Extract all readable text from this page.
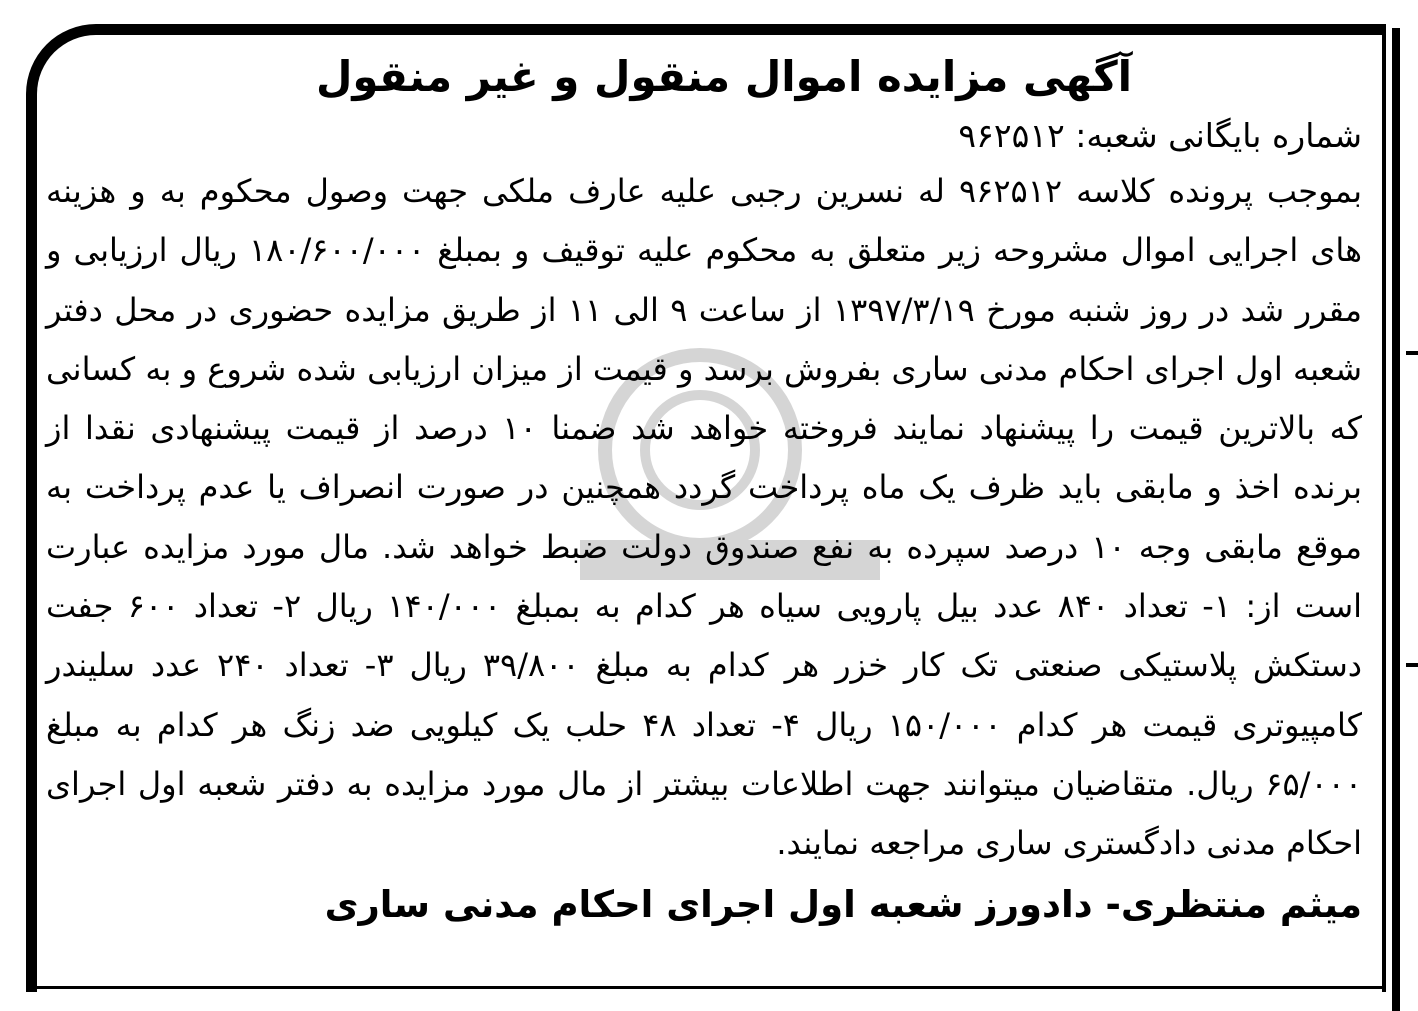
آگهی مزایده اموال منقول و غیر منقول
شماره بایگانی شعبه: ۹۶۲۵۱۲

بموجب پرونده کلاسه ۹۶۲۵۱۲ له نسرین رجبی علیه عارف ملکی جهت وصول محکوم به و هزینه های اجرایی اموال مشروحه زیر متعلق به محکوم علیه توقیف و بمبلغ ۱۸۰/۶۰۰/۰۰۰ ریال ارزیابی و مقرر شد در روز شنبه مورخ ۱۳۹۷/۳/۱۹ از ساعت ۹ الی ۱۱ از طریق مزایده حضوری در محل دفتر شعبه اول اجرای احکام مدنی ساری بفروش برسد و قیمت از میزان ارزیابی شده شروع و به کسانی که بالاترین قیمت را پیشنهاد نمایند فروخته خواهد شد ضمنا ۱۰ درصد از قیمت پیشنهادی نقدا از برنده اخذ و مابقی باید ظرف یک ماه پرداخت گردد همچنین در صورت انصراف یا عدم پرداخت به موقع مابقی وجه ۱۰ درصد سپرده به نفع صندوق دولت ضبط خواهد شد. مال مورد مزایده عبارت است از: ۱- تعداد ۸۴۰ عدد بیل پارویی سیاه هر کدام به بمبلغ ۱۴۰/۰۰۰ ریال ۲- تعداد ۶۰۰ جفت دستکش پلاستیکی صنعتی تک کار خزر هر کدام به مبلغ ۳۹/۸۰۰ ریال ۳- تعداد ۲۴۰ عدد سلیندر کامپیوتری قیمت هر کدام ۱۵۰/۰۰۰ ریال ۴- تعداد ۴۸ حلب یک کیلویی ضد زنگ هر کدام به مبلغ ۶۵/۰۰۰ ریال. متقاضیان میتوانند جهت اطلاعات بیشتر از مال مورد مزایده به دفتر شعبه اول اجرای احکام مدنی دادگستری ساری مراجعه نمایند.

میثم منتظری- دادورز شعبه اول اجرای احکام مدنی ساری
